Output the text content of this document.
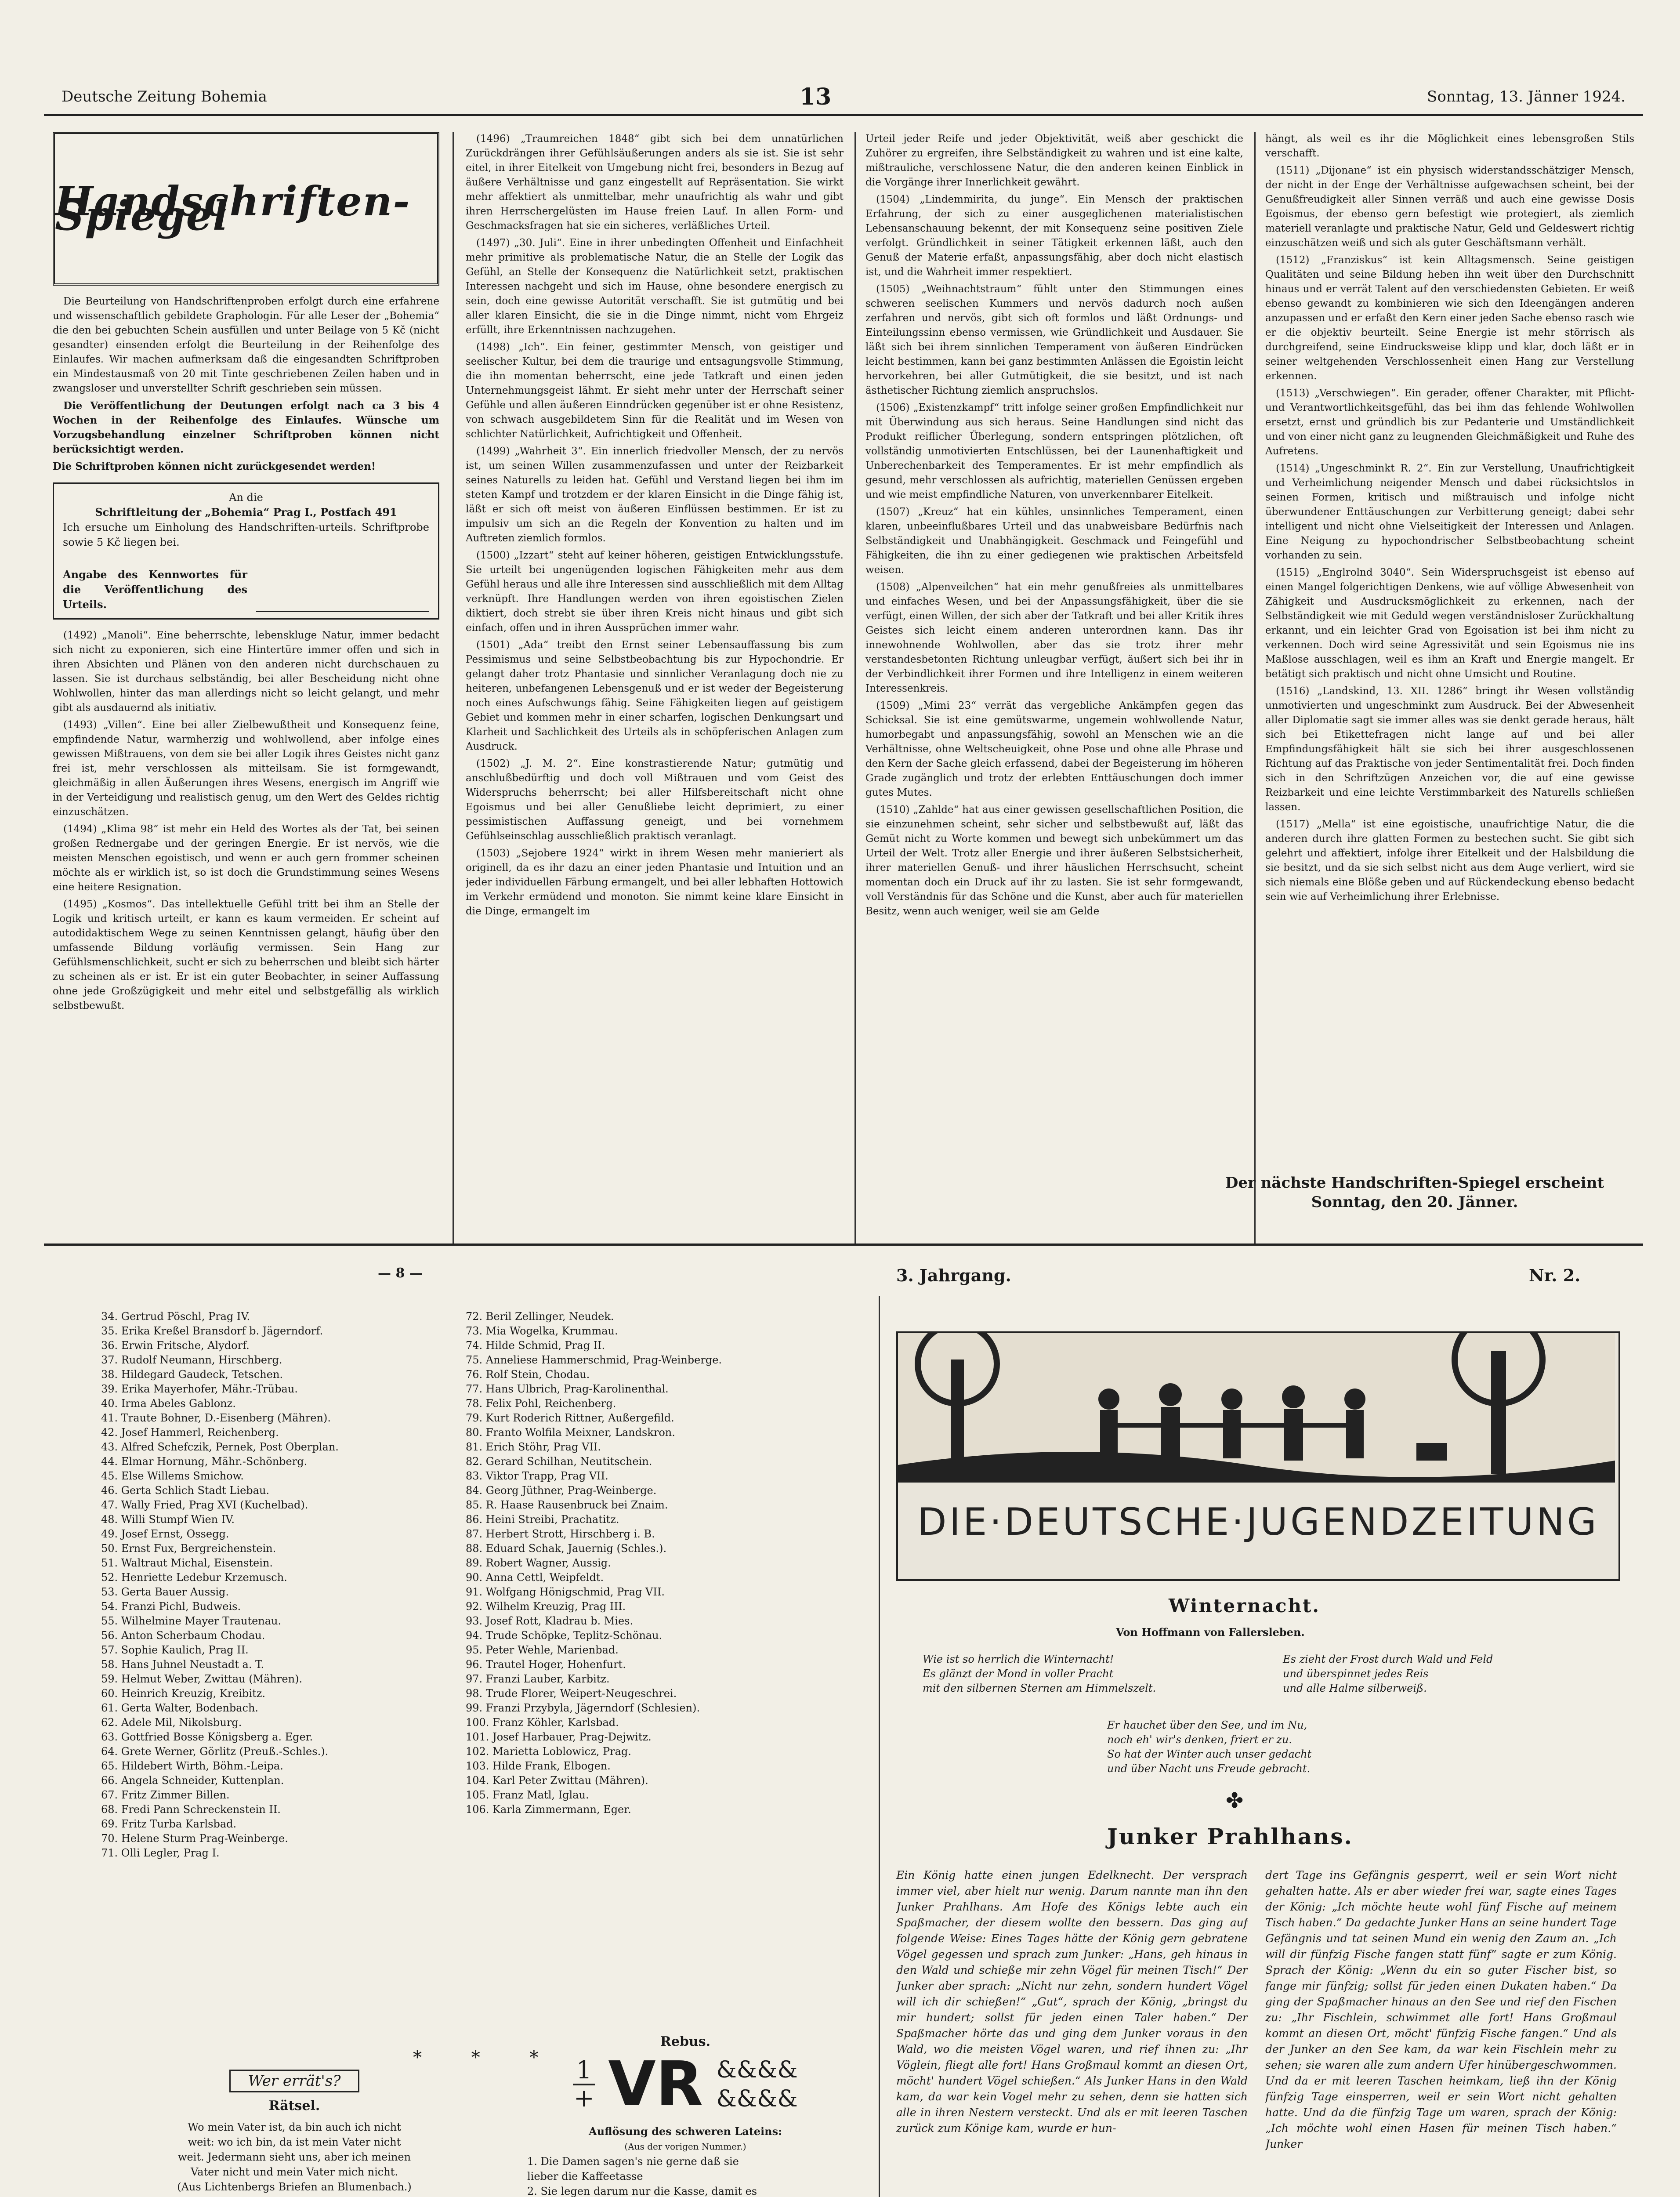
Deutsche Zeitung Bohemia	13	Sonntag, 13. Jänner 1924.
Handschriften-Spiegel

Die Beurteilung von Handschriftenproben erfolgt durch eine erfahrene und wissenschaftlich gebildete Graphologin. Für alle Leser der „Bohemia“ die den bei gebuchten Schein ausfüllen und unter Beilage von 5 Kč (nicht gesandter) einsenden erfolgt die Beurteilung in der Reihenfolge des Einlaufes. Wir machen aufmerksam daß die eingesandten Schriftproben ein Mindestausmaß von 20 mit Tinte geschriebenen Zeilen haben und in zwangsloser und unverstellter Schrift geschrieben sein müssen.

Die Veröffentlichung der Deutungen erfolgt nach ca 3 bis 4 Wochen in der Reihenfolge des Einlaufes. Wünsche um Vorzugsbehandlung einzelner Schriftproben können nicht berücksichtigt werden.

Die Schriftproben können nicht zurückgesendet werden!

An die
Schriftleitung der „Bohemia“ Prag I., Postfach 491
Ich ersuche um Einholung des Handschriften-urteils. Schriftprobe sowie 5 Kč liegen bei.
Angabe des Kennwortes für die Veröffentlichung des Urteils.

(1492) „Manoli“. Eine beherrschte, lebenskluge Natur, immer bedacht sich nicht zu exponieren, sich eine Hintertüre immer offen und sich in ihren Absichten und Plänen von den anderen nicht durchschauen zu lassen. Sie ist durchaus selbständig, bei aller Bescheidung nicht ohne Wohlwollen, hinter das man allerdings nicht so leicht gelangt, und mehr gibt als ausdauernd als initiativ.

(1493) „Villen“. Eine bei aller Zielbewußtheit und Konsequenz feine, empfindende Natur, warmherzig und wohlwollend, aber infolge eines gewissen Mißtrauens, von dem sie bei aller Logik ihres Geistes nicht ganz frei ist, mehr verschlossen als mitteilsam. Sie ist formgewandt, gleichmäßig in allen Äußerungen ihres Wesens, energisch im Angriff wie in der Verteidigung und realistisch genug, um den Wert des Geldes richtig einzuschätzen.

(1494) „Klima 98“ ist mehr ein Held des Wortes als der Tat, bei seinen großen Rednergabe und der geringen Energie. Er ist nervös, wie die meisten Menschen egoistisch, und wenn er auch gern frommer scheinen möchte als er wirklich ist, so ist doch die Grundstimmung seines Wesens eine heitere Resignation.

(1495) „Kosmos“. Das intellektuelle Gefühl tritt bei ihm an Stelle der Logik und kritisch urteilt, er kann es kaum vermeiden. Er scheint auf autodidaktischem Wege zu seinen Kenntnissen gelangt, häufig über den umfassende Bildung vorläufig vermissen. Sein Hang zur Gefühlsmenschlichkeit, sucht er sich zu beherrschen und bleibt sich härter zu scheinen als er ist. Er ist ein guter Beobachter, in seiner Auffassung ohne jede Großzügigkeit und mehr eitel und selbstgefällig als wirklich selbstbewußt.

(1496) „Traumreichen 1848“ gibt sich bei dem unnatürlichen Zurückdrängen ihrer Gefühlsäußerungen anders als sie ist. Sie ist sehr eitel, in ihrer Eitelkeit von Umgebung nicht frei, besonders in Bezug auf äußere Verhältnisse und ganz eingestellt auf Repräsentation. Sie wirkt mehr affektiert als unmittelbar, mehr unaufrichtig als wahr und gibt ihren Herrschergelüsten im Hause freien Lauf. In allen Form- und Geschmacksfragen hat sie ein sicheres, verläßliches Urteil.

(1497) „30. Juli“. Eine in ihrer unbedingten Offenheit und Einfachheit mehr primitive als problematische Natur, die an Stelle der Logik das Gefühl, an Stelle der Konsequenz die Natürlichkeit setzt, praktischen Interessen nachgeht und sich im Hause, ohne besondere energisch zu sein, doch eine gewisse Autorität verschafft. Sie ist gutmütig und bei aller klaren Einsicht, die sie in die Dinge nimmt, nicht vom Ehrgeiz erfüllt, ihre Erkenntnissen nachzugehen.

(1498) „Ich“. Ein feiner, gestimmter Mensch, von geistiger und seelischer Kultur, bei dem die traurige und entsagungsvolle Stimmung, die ihn momentan beherrscht, eine jede Tatkraft und einen jeden Unternehmungsgeist lähmt. Er sieht mehr unter der Herrschaft seiner Gefühle und allen äußeren Einndrücken gegenüber ist er ohne Resistenz, von schwach ausgebildetem Sinn für die Realität und im Wesen von schlichter Natürlichkeit, Aufrichtigkeit und Offenheit.

(1499) „Wahrheit 3“. Ein innerlich friedvoller Mensch, der zu nervös ist, um seinen Willen zusammenzufassen und unter der Reizbarkeit seines Naturells zu leiden hat. Gefühl und Verstand liegen bei ihm im steten Kampf und trotzdem er der klaren Einsicht in die Dinge fähig ist, läßt er sich oft meist von äußeren Einflüssen bestimmen. Er ist zu impulsiv um sich an die Regeln der Konvention zu halten und im Auftreten ziemlich formlos.

(1500) „Izzart“ steht auf keiner höheren, geistigen Entwicklungsstufe. Sie urteilt bei ungenügenden logischen Fähigkeiten mehr aus dem Gefühl heraus und alle ihre Interessen sind ausschließlich mit dem Alltag verknüpft. Ihre Handlungen werden von ihren egoistischen Zielen diktiert, doch strebt sie über ihren Kreis nicht hinaus und gibt sich einfach, offen und in ihren Aussprüchen immer wahr.

(1501) „Ada“ treibt den Ernst seiner Lebensauffassung bis zum Pessimismus und seine Selbstbeobachtung bis zur Hypochondrie. Er gelangt daher trotz Phantasie und sinnlicher Veranlagung doch nie zu heiteren, unbefangenen Lebensgenuß und er ist weder der Begeisterung noch eines Aufschwungs fähig. Seine Fähigkeiten liegen auf geistigem Gebiet und kommen mehr in einer scharfen, logischen Denkungsart und Klarheit und Sachlichkeit des Urteils als in schöpferischen Anlagen zum Ausdruck.

(1502) „J. M. 2“. Eine konstrastierende Natur; gutmütig und anschlußbedürftig und doch voll Mißtrauen und vom Geist des Widerspruchs beherrscht; bei aller Hilfsbereitschaft nicht ohne Egoismus und bei aller Genußliebe leicht deprimiert, zu einer pessimistischen Auffassung geneigt, und bei vornehmem Gefühlseinschlag ausschließlich praktisch veranlagt.

(1503) „Sejobere 1924“ wirkt in ihrem Wesen mehr manieriert als originell, da es ihr dazu an einer jeden Phantasie und Intuition und an jeder individuellen Färbung ermangelt, und bei aller lebhaften Hottowich im Verkehr ermüdend und monoton. Sie nimmt keine klare Einsicht in die Dinge, ermangelt im

Urteil jeder Reife und jeder Objektivität, weiß aber geschickt die Zuhörer zu ergreifen, ihre Selbständigkeit zu wahren und ist eine kalte, mißtrauliche, verschlossene Natur, die den anderen keinen Einblick in die Vorgänge ihrer Innerlichkeit gewährt.

(1504) „Lindemmirita, du junge“. Ein Mensch der praktischen Erfahrung, der sich zu einer ausgeglichenen materialistischen Lebensanschauung bekennt, der mit Konsequenz seine positiven Ziele verfolgt. Gründlichkeit in seiner Tätigkeit erkennen läßt, auch den Genuß der Materie erfaßt, anpassungsfähig, aber doch nicht elastisch ist, und die Wahrheit immer respektiert.

(1505) „Weihnachtstraum“ fühlt unter den Stimmungen eines schweren seelischen Kummers und nervös dadurch noch außen zerfahren und nervös, gibt sich oft formlos und läßt Ordnungs- und Einteilungssinn ebenso vermissen, wie Gründlichkeit und Ausdauer. Sie läßt sich bei ihrem sinnlichen Temperament von äußeren Eindrücken leicht bestimmen, kann bei ganz bestimmten Anlässen die Egoistin leicht hervorkehren, bei aller Gutmütigkeit, die sie besitzt, und ist nach ästhetischer Richtung ziemlich anspruchslos.

(1506) „Existenzkampf“ tritt infolge seiner großen Empfindlichkeit nur mit Überwindung aus sich heraus. Seine Handlungen sind nicht das Produkt reiflicher Überlegung, sondern entspringen plötzlichen, oft vollständig unmotivierten Entschlüssen, bei der Launenhaftigkeit und Unberechenbarkeit des Temperamentes. Er ist mehr empfindlich als gesund, mehr verschlossen als aufrichtig, materiellen Genüssen ergeben und wie meist empfindliche Naturen, von unverkennbarer Eitelkeit.

(1507) „Kreuz“ hat ein kühles, unsinnliches Temperament, einen klaren, unbeeinflußbares Urteil und das unabweisbare Bedürfnis nach Selbständigkeit und Unabhängigkeit. Geschmack und Feingefühl und Fähigkeiten, die ihn zu einer gediegenen wie praktischen Arbeitsfeld weisen.

(1508) „Alpenveilchen“ hat ein mehr genußfreies als unmittelbares und einfaches Wesen, und bei der Anpassungsfähigkeit, über die sie verfügt, einen Willen, der sich aber der Tatkraft und bei aller Kritik ihres Geistes sich leicht einem anderen unterordnen kann. Das ihr innewohnende Wohlwollen, aber das sie trotz ihrer mehr verstandesbetonten Richtung unleugbar verfügt, äußert sich bei ihr in der Verbindlichkeit ihrer Formen und ihre Intelligenz in einem weiteren Interessenkreis.

(1509) „Mimi 23“ verrät das vergebliche Ankämpfen gegen das Schicksal. Sie ist eine gemütswarme, ungemein wohlwollende Natur, humorbegabt und anpassungsfähig, sowohl an Menschen wie an die Verhältnisse, ohne Weltscheuigkeit, ohne Pose und ohne alle Phrase und den Kern der Sache gleich erfassend, dabei der Begeisterung im höheren Grade zugänglich und trotz der erlebten Enttäuschungen doch immer gutes Mutes.

(1510) „Zahlde“ hat aus einer gewissen gesellschaftlichen Position, die sie einzunehmen scheint, sehr sicher und selbstbewußt auf, läßt das Gemüt nicht zu Worte kommen und bewegt sich unbekümmert um das Urteil der Welt. Trotz aller Energie und ihrer äußeren Selbstsicherheit, ihrer materiellen Genuß- und ihrer häuslichen Herrschsucht, scheint momentan doch ein Druck auf ihr zu lasten. Sie ist sehr formgewandt, voll Verständnis für das Schöne und die Kunst, aber auch für materiellen Besitz, wenn auch weniger, weil sie am Gelde

hängt, als weil es ihr die Möglichkeit eines lebensgroßen Stils verschafft.

(1511) „Dijonane“ ist ein physisch widerstandsschätziger Mensch, der nicht in der Enge der Verhältnisse aufgewachsen scheint, bei der Genußfreudigkeit aller Sinnen verräß und auch eine gewisse Dosis Egoismus, der ebenso gern befestigt wie protegiert, als ziemlich materiell veranlagte und praktische Natur, Geld und Geldeswert richtig einzuschätzen weiß und sich als guter Geschäftsmann verhält.

(1512) „Franziskus“ ist kein Alltagsmensch. Seine geistigen Qualitäten und seine Bildung heben ihn weit über den Durchschnitt hinaus und er verrät Talent auf den verschiedensten Gebieten. Er weiß ebenso gewandt zu kombinieren wie sich den Ideengängen anderen anzupassen und er erfaßt den Kern einer jeden Sache ebenso rasch wie er die objektiv beurteilt. Seine Energie ist mehr störrisch als durchgreifend, seine Eindrucksweise klipp und klar, doch läßt er in seiner weltgehenden Verschlossenheit einen Hang zur Verstellung erkennen.

(1513) „Verschwiegen“. Ein gerader, offener Charakter, mit Pflicht- und Verantwortlichkeitsgefühl, das bei ihm das fehlende Wohlwollen ersetzt, ernst und gründlich bis zur Pedanterie und Umständlichkeit und von einer nicht ganz zu leugnenden Gleichmäßigkeit und Ruhe des Aufretens.

(1514) „Ungeschminkt R. 2“. Ein zur Verstellung, Unaufrichtigkeit und Verheimlichung neigender Mensch und dabei rücksichtslos in seinen Formen, kritisch und mißtrauisch und infolge nicht überwundener Enttäuschungen zur Verbitterung geneigt; dabei sehr intelligent und nicht ohne Vielseitigkeit der Interessen und Anlagen. Eine Neigung zu hypochondrischer Selbstbeobachtung scheint vorhanden zu sein.

(1515) „Englrolnd 3040“. Sein Widerspruchsgeist ist ebenso auf einen Mangel folgerichtigen Denkens, wie auf völlige Abwesenheit von Zähigkeit und Ausdrucksmöglichkeit zu erkennen, nach der Selbständigkeit wie mit Geduld wegen verständnisloser Zurückhaltung erkannt, und ein leichter Grad von Egoisation ist bei ihm nicht zu verkennen. Doch wird seine Agressivität und sein Egoismus nie ins Maßlose ausschlagen, weil es ihm an Kraft und Energie mangelt. Er betätigt sich praktisch und nicht ohne Umsicht und Routine.

(1516) „Landskind, 13. XII. 1286“ bringt ihr Wesen vollständig unmotivierten und ungeschminkt zum Ausdruck. Bei der Abwesenheit aller Diplomatie sagt sie immer alles was sie denkt gerade heraus, hält sich bei Etikettefragen nicht lange auf und bei aller Empfindungsfähigkeit hält sie sich bei ihrer ausgeschlossenen Richtung auf das Praktische von jeder Sentimentalität frei. Doch finden sich in den Schriftzügen Anzeichen vor, die auf eine gewisse Reizbarkeit und eine leichte Verstimmbarkeit des Naturells schließen lassen.

(1517) „Mella“ ist eine egoistische, unaufrichtige Natur, die die anderen durch ihre glatten Formen zu bestechen sucht. Sie gibt sich gelehrt und affektiert, infolge ihrer Eitelkeit und der Halsbildung die sie besitzt, und da sie sich selbst nicht aus dem Auge verliert, wird sie sich niemals eine Blöße geben und auf Rückendeckung ebenso bedacht sein wie auf Verheimlichung ihrer Erlebnisse.

Der nächste Handschriften-Spiegel erscheint Sonntag, den 20. Jänner.
— 8 —	3. Jahrgang.	Nr. 2.
34. Gertrud Pöschl, Prag IV.
35. Erika Kreßel Bransdorf b. Jägerndorf.
36. Erwin Fritsche, Alydorf.
37. Rudolf Neumann, Hirschberg.
38. Hildegard Gaudeck, Tetschen.
39. Erika Mayerhofer, Mähr.-Trübau.
40. Irma Abeles Gablonz.
41. Traute Bohner, D.-Eisenberg (Mähren).
42. Josef Hammerl, Reichenberg.
43. Alfred Schefczik, Pernek, Post Oberplan.
44. Elmar Hornung, Mähr.-Schönberg.
45. Else Willems Smichow.
46. Gerta Schlich Stadt Liebau.
47. Wally Fried, Prag XVI (Kuchelbad).
48. Willi Stumpf Wien IV.
49. Josef Ernst, Ossegg.
50. Ernst Fux, Bergreichenstein.
51. Waltraut Michal, Eisenstein.
52. Henriette Ledebur Krzemusch.
53. Gerta Bauer Aussig.
54. Franzi Pichl, Budweis.
55. Wilhelmine Mayer Trautenau.
56. Anton Scherbaum Chodau.
57. Sophie Kaulich, Prag II.
58. Hans Juhnel Neustadt a. T.
59. Helmut Weber, Zwittau (Mähren).
60. Heinrich Kreuzig, Kreibitz.
61. Gerta Walter, Bodenbach.
62. Adele Mil, Nikolsburg.
63. Gottfried Bosse Königsberg a. Eger.
64. Grete Werner, Görlitz (Preuß.-Schles.).
65. Hildebert Wirth, Böhm.-Leipa.
66. Angela Schneider, Kuttenplan.
67. Fritz Zimmer Billen.
68. Fredi Pann Schreckenstein II.
69. Fritz Turba Karlsbad.
70. Helene Sturm Prag-Weinberge.
71. Olli Legler, Prag I.
72. Beril Zellinger, Neudek.
73. Mia Wogelka, Krummau.
74. Hilde Schmid, Prag II.
75. Anneliese Hammerschmid, Prag-Weinberge.
76. Rolf Stein, Chodau.
77. Hans Ulbrich, Prag-Karolinenthal.
78. Felix Pohl, Reichenberg.
79. Kurt Roderich Rittner, Außergefild.
80. Franto Wolfila Meixner, Landskron.
81. Erich Stöhr, Prag VII.
82. Gerard Schilhan, Neutitschein.
83. Viktor Trapp, Prag VII.
84. Georg Jüthner, Prag-Weinberge.
85. R. Haase Rausenbruck bei Znaim.
86. Heini Streibi, Prachatitz.
87. Herbert Strott, Hirschberg i. B.
88. Eduard Schak, Jauernig (Schles.).
89. Robert Wagner, Aussig.
90. Anna Cettl, Weipfeldt.
91. Wolfgang Hönigschmid, Prag VII.
92. Wilhelm Kreuzig, Prag III.
93. Josef Rott, Kladrau b. Mies.
94. Trude Schöpke, Teplitz-Schönau.
95. Peter Wehle, Marienbad.
96. Trautel Hoger, Hohenfurt.
97. Franzi Lauber, Karbitz.
98. Trude Florer, Weipert-Neugeschrei.
99. Franzi Przybyla, Jägerndorf (Schlesien).
100. Franz Köhler, Karlsbad.
101. Josef Harbauer, Prag-Dejwitz.
102. Marietta Loblowicz, Prag.
103. Hilde Frank, Elbogen.
104. Karl Peter Zwittau (Mähren).
105. Franz Matl, Iglau.
106. Karla Zimmermann, Eger.
* * *
Wer errät's?
Rätsel.
Wo mein Vater ist, da bin auch ich nicht
weit: wo ich bin, da ist mein Vater nicht
weit. Jedermann sieht uns, aber ich meinen
Vater nicht und mein Vater mich nicht.
(Aus Lichtenbergs Briefen an Blumenbach.)

Rebus.
1
+ VR &&&&
&&&&
Auflösung des schweren Lateins:
(Aus der vorigen Nummer.)
1. Die Damen sagen's nie gerne daß sie
lieber die Kaffeetasse
2. Sie legen darum nur die Kasse, damit es
DIE·DEUTSCHE·JUGENDZEITUNG
Winternacht.
Von Hoffmann von Fallersleben.
Wie ist so herrlich die Winternacht!
Es glänzt der Mond in voller Pracht
mit den silbernen Sternen am Himmelszelt.
Es zieht der Frost durch Wald und Feld
und überspinnet jedes Reis
und alle Halme silberweiß.
Er hauchet über den See, und im Nu,
noch eh' wir's denken, friert er zu.
So hat der Winter auch unser gedacht
und über Nacht uns Freude gebracht.
✤
Junker Prahlhans.
Ein König hatte einen jungen Edelknecht. Der versprach immer viel, aber hielt nur wenig. Darum nannte man ihn den Junker Prahlhans. Am Hofe des Königs lebte auch ein Spaßmacher, der diesem wollte den bessern. Das ging auf folgende Weise: Eines Tages hätte der König gern gebratene Vögel gegessen und sprach zum Junker: „Hans, geh hinaus in den Wald und schieße mir zehn Vögel für meinen Tisch!“ Der Junker aber sprach: „Nicht nur zehn, sondern hundert Vögel will ich dir schießen!“ „Gut“, sprach der König, „bringst du mir hundert; sollst für jeden einen Taler haben.“ Der Spaßmacher hörte das und ging dem Junker voraus in den Wald, wo die meisten Vögel waren, und rief ihnen zu: „Ihr Vöglein, fliegt alle fort! Hans Großmaul kommt an diesen Ort, möcht' hundert Vögel schießen.“ Als Junker Hans in den Wald kam, da war kein Vogel mehr zu sehen, denn sie hatten sich alle in ihren Nestern versteckt. Und als er mit leeren Taschen zurück zum Könige kam, wurde er hun-
dert Tage ins Gefängnis gesperrt, weil er sein Wort nicht gehalten hatte. Als er aber wieder frei war, sagte eines Tages der König: „Ich möchte heute wohl fünf Fische auf meinem Tisch haben.“ Da gedachte Junker Hans an seine hundert Tage Gefängnis und tat seinen Mund ein wenig den Zaum an. „Ich will dir fünfzig Fische fangen statt fünf“ sagte er zum König. Sprach der König: „Wenn du ein so guter Fischer bist, so fange mir fünfzig; sollst für jeden einen Dukaten haben.“ Da ging der Spaßmacher hinaus an den See und rief den Fischen zu: „Ihr Fischlein, schwimmet alle fort! Hans Großmaul kommt an diesen Ort, möcht' fünfzig Fische fangen.“ Und als der Junker an den See kam, da war kein Fischlein mehr zu sehen; sie waren alle zum andern Ufer hinübergeschwommen. Und da er mit leeren Taschen heimkam, ließ ihn der König fünfzig Tage einsperren, weil er sein Wort nicht gehalten hatte. Und da die fünfzig Tage um waren, sprach der König: „Ich möchte wohl einen Hasen für meinen Tisch haben.“ Junker
